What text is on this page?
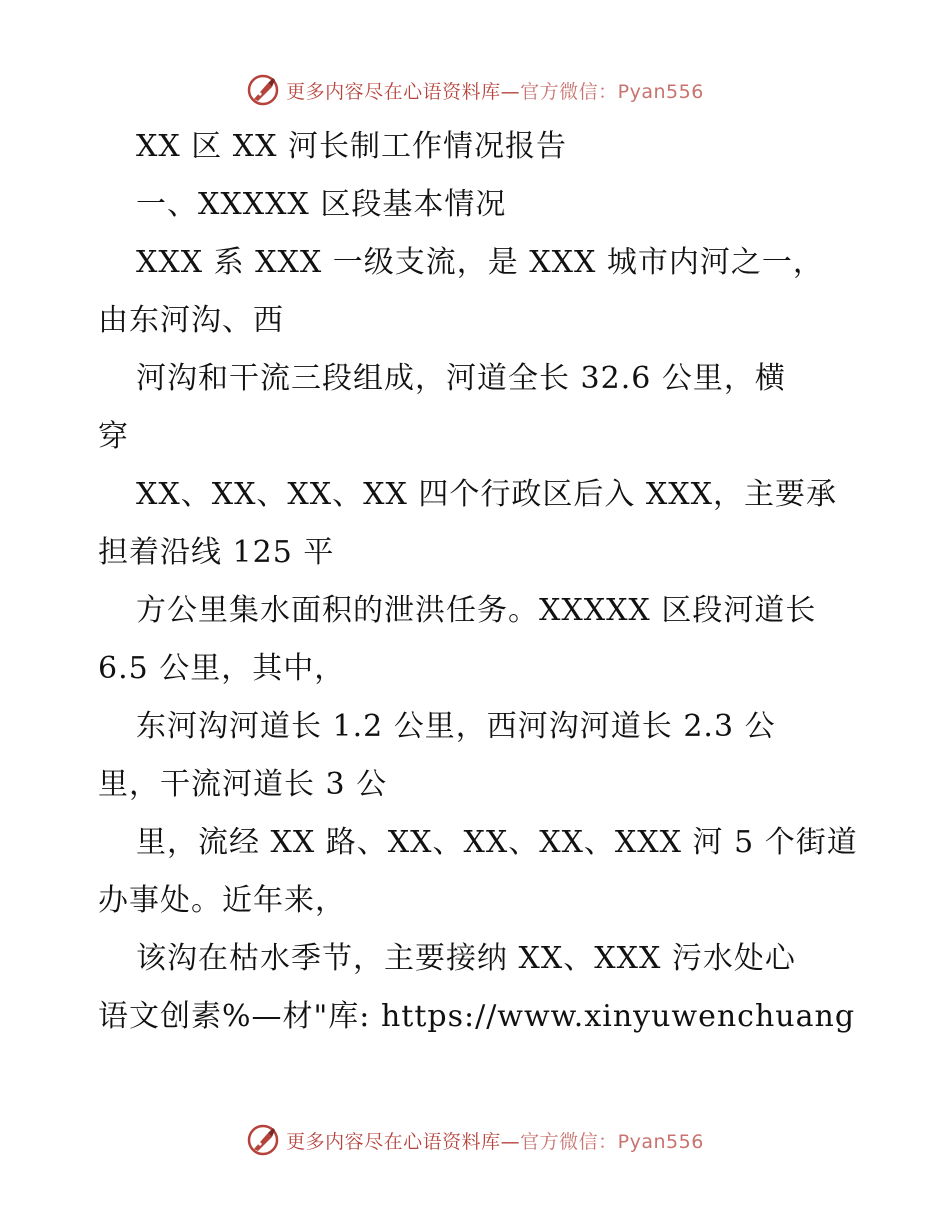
更多内容尽在心语资料库—官方微信：Pyan556
XX 区 XX 河长制工作情况报告
一、XXXXX 区段基本情况
XXX 系 XXX 一级支流，是 XXX 城市内河之一，
由东河沟、西
河沟和干流三段组成，河道全长 32.6 公里，横
穿
XX、XX、XX、XX 四个行政区后入 XXX，主要承
担着沿线 125 平
方公里集水面积的泄洪任务。XXXXX 区段河道长
6.5 公里，其中，
东河沟河道长 1.2 公里，西河沟河道长 2.3 公
里，干流河道长 3 公
里，流经 XX 路、XX、XX、XX、XXX 河 5 个街道
办事处。近年来，
该沟在枯水季节，主要接纳 XX、XXX 污水处心
语文创素%—材"库: https://www.xinyuwenchuang
更多内容尽在心语资料库—官方微信：Pyan556
